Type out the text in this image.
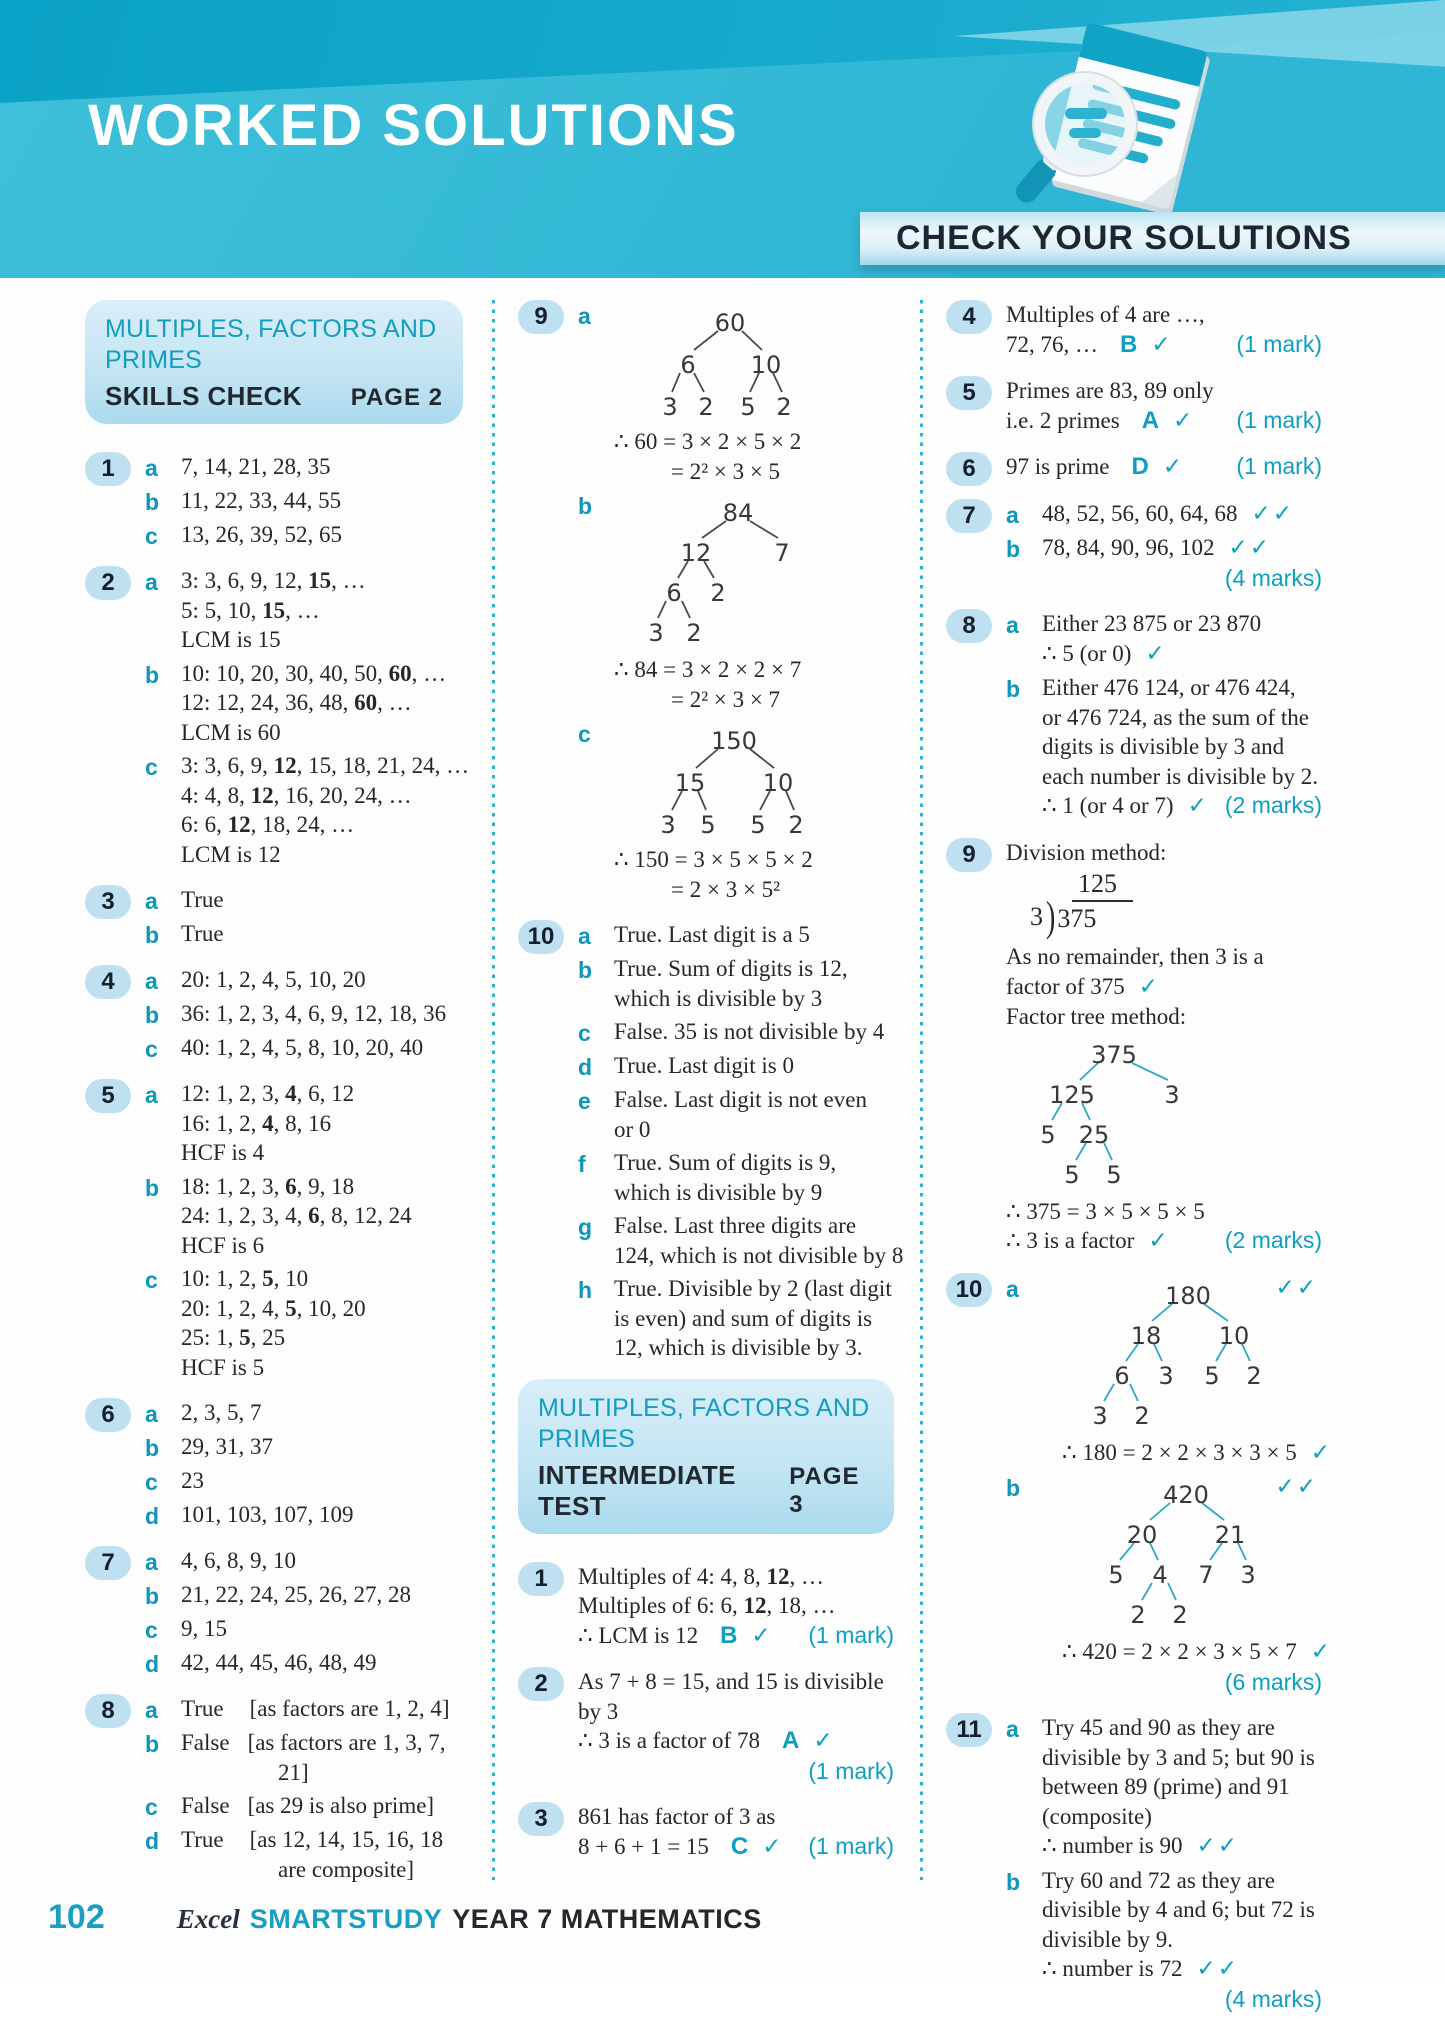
WORKED SOLUTIONS
CHECK YOUR SOLUTIONS
MULTIPLES, FACTORS AND
PRIMES
SKILLS CHECK PAGE 2
1	a	7, 14, 21, 28, 35
b 11, 22, 33, 44, 55
c	13, 26, 39, 52, 65
2	a	3: 3, 6, 9, 12, 15, …
5: 5, 10, 15, …
LCM is 15
b 10: 10, 20, 30, 40, 50, 60, …
12: 12, 24, 36, 48, 60, …
LCM is 60
c	3: 3, 6, 9, 12, 15, 18, 21, 24, …
4: 4, 8, 12, 16, 20, 24, …
6: 6, 12, 18, 24, …
LCM is 12
3	a	True
b True
4	a	20: 1, 2, 4, 5, 10, 20
b 36: 1, 2, 3, 4, 6, 9, 12, 18, 36
c	40: 1, 2, 4, 5, 8, 10, 20, 40
5	a	12: 1, 2, 3, 4, 6, 12
16: 1, 2, 4, 8, 16
HCF is 4
b 18: 1, 2, 3, 6, 9, 18
24: 1, 2, 3, 4, 6, 8, 12, 24
HCF is 6
c	10: 1, 2, 5, 10
20: 1, 2, 4, 5, 10, 20
25: 1, 5, 25
HCF is 5
6	a	2, 3, 5, 7
b 29, 31, 37
c	23
d 101, 103, 107, 109
7	a	4, 6, 8, 9, 10
b 21, 22, 24, 25, 26, 27, 28
c	9, 15
d 42, 44, 45, 46, 48, 49
8	a	True [as factors are 1, 2, 4]
b False [as factors are 1, 3, 7,
21]
c	False [as 29 is also prime]
d True [as 12, 14, 15, 16, 18
are composite]
9	a	60
6 10
3 2 5 2
∴ 60 = 3 × 2 × 5 × 2
= 2² × 3 × 5
b	84
12	7
6 2
3 2
∴ 84 = 3 × 2 × 2 × 7
= 2² × 3 × 7
c	150
15 10
3 5 5 2
∴ 150 = 3 × 5 × 5 × 2
= 2 × 3 × 5²
10	a	True. Last digit is a 5
b True. Sum of digits is 12,
which is divisible by 3
c	False. 35 is not divisible by 4
d True. Last digit is 0
e	False. Last digit is not even
or 0
f	True. Sum of digits is 9,
which is divisible by 9
g False. Last three digits are
124, which is not divisible by 8
h True. Divisible by 2 (last digit
is even) and sum of digits is
12, which is divisible by 3.
MULTIPLES, FACTORS AND
PRIMES
INTERMEDIATE TEST
PAGE 3
1	Multiples of 4: 4, 8, 12, …
Multiples of 6: 6, 12, 18, …
∴ LCM is 12 B ✓ (1 mark)
2	As 7 + 8 = 15, and 15 is divisible
by 3
∴ 3 is a factor of 78 A ✓
(1 mark)
3	861 has factor of 3 as
8 + 6 + 1 = 15 C ✓ (1 mark)
4	Multiples of 4 are …,
72, 76, … B ✓	(1 mark)
5	Primes are 83, 89 only
i.e. 2 primes A ✓ (1 mark)
6	97 is prime D ✓ (1 mark)
7	a	48, 52, 56, 60, 64, 68 ✓✓
b 78, 84, 90, 96, 102 ✓✓
(4 marks)
8	a	Either 23 875 or 23 870
∴ 5 (or 0) ✓
b Either 476 124, or 476 424,
or 476 724, as the sum of the
digits is divisible by 3 and
each number is divisible by 2.
∴ 1 (or 4 or 7) ✓ (2 marks)
9	Division method:
125
3 ) 375
As no remainder, then 3 is a
factor of 375 ✓
Factor tree method:
375
125	3
5 25
5 5
∴ 375 = 3 × 5 × 5 × 5
∴ 3 is a factor ✓ (2 marks)
10	a	180
18 10
6 3 5 2
3 2
✓✓
∴ 180 = 2 × 2 × 3 × 3 × 5 ✓
b	420
20 21
5 4 7 3
2 2
✓✓
∴ 420 = 2 × 2 × 3 × 5 × 7 ✓
(6 marks)
11	a	Try 45 and 90 as they are
divisible by 3 and 5; but 90 is
between 89 (prime) and 91
(composite)
∴ number is 90 ✓✓
b Try 60 and 72 as they are
divisible by 4 and 6; but 72 is
divisible by 9.
∴ number is 72 ✓✓
(4 marks)
102	Excel SMARTSTUDY YEAR 7 MATHEMATICS
